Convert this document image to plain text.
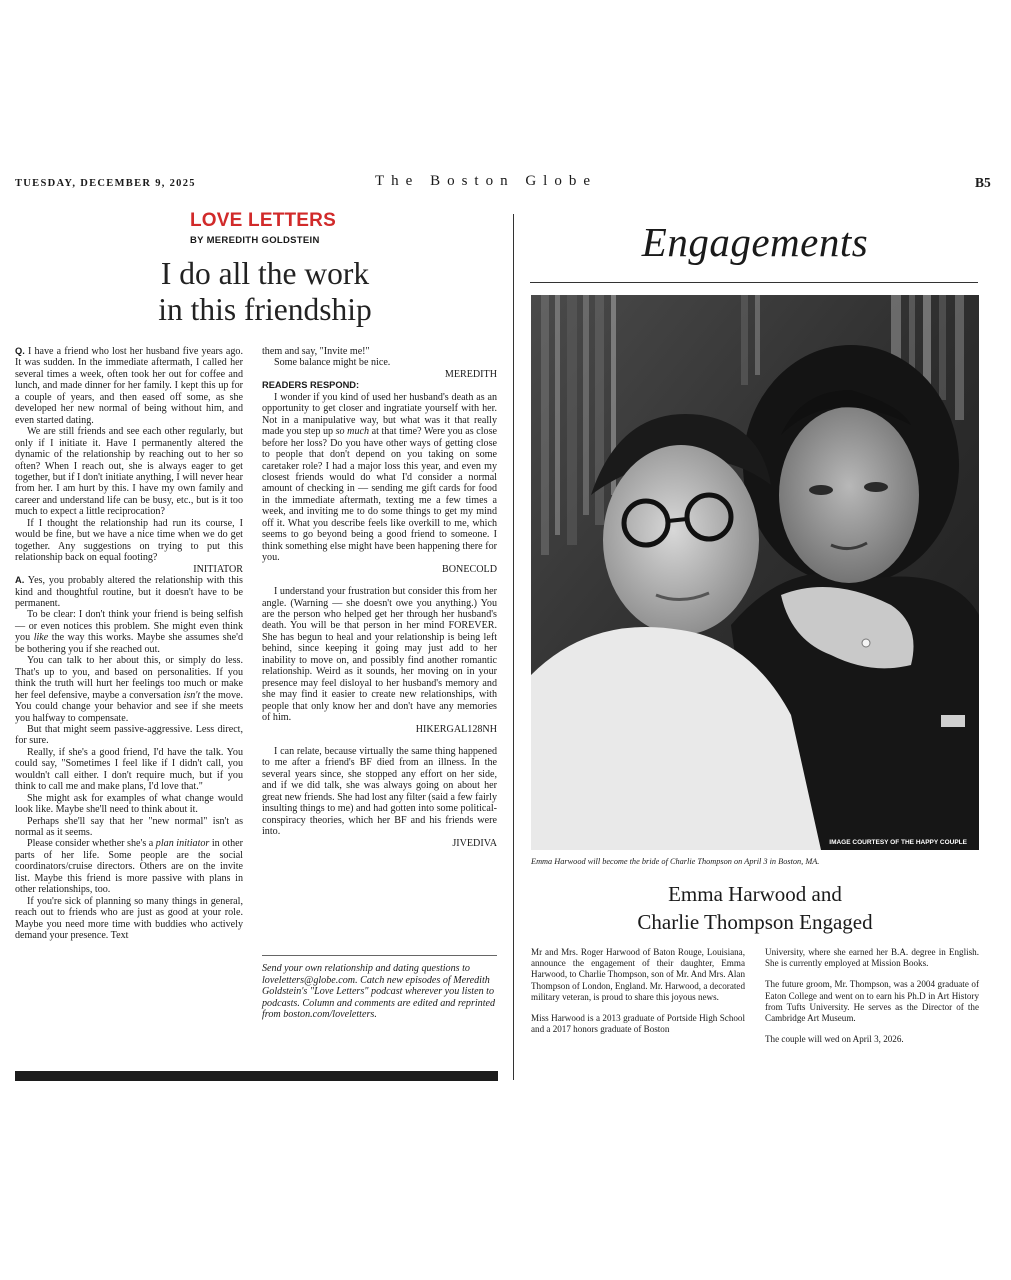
TUESDAY, DECEMBER 9, 2025	The Boston Globe	B5
LOVE LETTERS
BY MEREDITH GOLDSTEIN
I do all the work
in this friendship

Q. I have a friend who lost her husband five years ago. It was sudden. In the immediate aftermath, I called her several times a week, often took her out for coffee and lunch, and made dinner for her family. I kept this up for a couple of years, and then eased off some, as she developed her new normal of being without him, and even started dating.

We are still friends and see each other regularly, but only if I initiate it. Have I permanently altered the dynamic of the relationship by reaching out to her so often? When I reach out, she is always eager to get together, but if I don't initiate anything, I will never hear from her. I am hurt by this. I have my own family and career and understand life can be busy, etc., but is it too much to expect a little reciprocation?

If I thought the relationship had run its course, I would be fine, but we have a nice time when we do get together. Any suggestions on trying to put this relationship back on equal footing?

INITIATOR

A. Yes, you probably altered the relationship with this kind and thoughtful routine, but it doesn't have to be permanent.

To be clear: I don't think your friend is being selfish — or even notices this problem. She might even think you like the way this works. Maybe she assumes she'd be bothering you if she reached out.

You can talk to her about this, or simply do less. That's up to you, and based on personalities. If you think the truth will hurt her feelings too much or make her feel defensive, maybe a conversation isn't the move. You could change your behavior and see if she meets you halfway to compensate.

But that might seem passive-aggressive. Less direct, for sure.

Really, if she's a good friend, I'd have the talk. You could say, "Sometimes I feel like if I didn't call, you wouldn't call either. I don't require much, but if you think to call me and make plans, I'd love that."

She might ask for examples of what change would look like. Maybe she'll need to think about it.

Perhaps she'll say that her "new normal" isn't as normal as it seems.

Please consider whether she's a plan initiator in other parts of her life. Some people are the social coordinators/cruise directors. Others are on the invite list. Maybe this friend is more passive with plans in other relationships, too.

If you're sick of planning so many things in general, reach out to friends who are just as good at your role. Maybe you need more time with buddies who actively demand your presence. Text

them and say, "Invite me!"

Some balance might be nice.

MEREDITH

READERS RESPOND:

I wonder if you kind of used her husband's death as an opportunity to get closer and ingratiate yourself with her. Not in a manipulative way, but what was it that really made you step up so much at that time? Were you as close before her loss? Do you have other ways of getting close to people that don't depend on you taking on some caretaker role? I had a major loss this year, and even my closest friends would do what I'd consider a normal amount of checking in — sending me gift cards for food in the immediate aftermath, texting me a few times a week, and inviting me to do some things to get my mind off it. What you describe feels like overkill to me, which seems to go beyond being a good friend to someone. I think something else might have been happening there for you.

BONECOLD

I understand your frustration but consider this from her angle. (Warning — she doesn't owe you anything.) You are the person who helped get her through her husband's death. You will be that person in her mind FOREVER. She has begun to heal and your relationship is being left behind, since keeping it going may just add to her inability to move on, and possibly find another romantic relationship. Weird as it sounds, her moving on in your presence may feel disloyal to her husband's memory and she may find it easier to create new relationships, with people that only know her and don't have any memories of him.

HIKERGAL128NH

I can relate, because virtually the same thing happened to me after a friend's BF died from an illness. In the several years since, she stopped any effort on her side, and if we did talk, she was always going on about her great new friends. She had lost any filter (said a few fairly insulting things to me) and had gotten into some political-conspiracy theories, which her BF and his friends were into.

JIVEDIVA

Send your own relationship and dating questions to loveletters@globe.com. Catch new episodes of Meredith Goldstein's "Love Letters" podcast wherever you listen to podcasts. Column and comments are edited and reprinted from boston.com/loveletters.
Engagements
IMAGE COURTESY OF THE HAPPY COUPLE
Emma Harwood will become the bride of Charlie Thompson on April 3 in Boston, MA.
Emma Harwood and
Charlie Thompson Engaged

Mr and Mrs. Roger Harwood of Baton Rouge, Louisiana, announce the engagement of their daughter, Emma Harwood, to Charlie Thompson, son of Mr. And Mrs. Alan Thompson of London, England. Mr. Harwood, a decorated military veteran, is proud to share this joyous news.

Miss Harwood is a 2013 graduate of Portside High School and a 2017 honors graduate of Boston

University, where she earned her B.A. degree in English. She is currently employed at Mission Books.

The future groom, Mr. Thompson, was a 2004 graduate of Eaton College and went on to earn his Ph.D in Art History from Tufts University. He serves as the Director of the Cambridge Art Museum.

The couple will wed on April 3, 2026.
